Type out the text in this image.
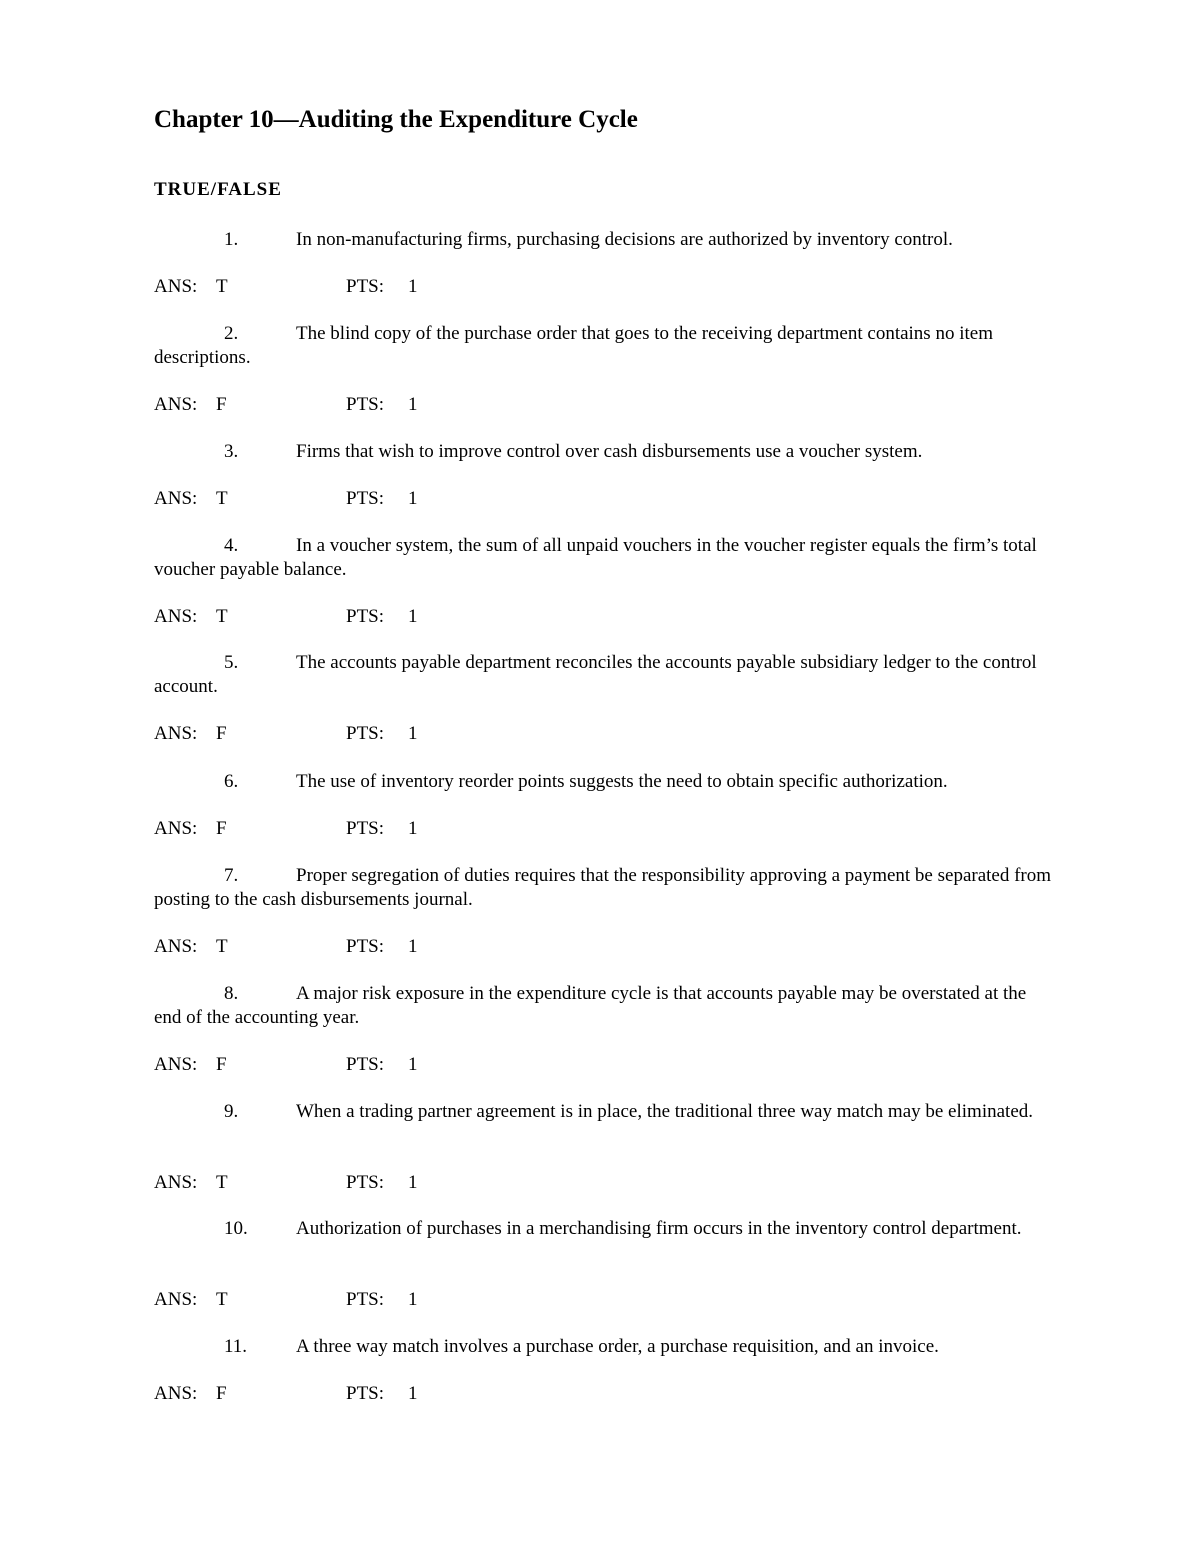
Chapter 10—Auditing the Expenditure Cycle
TRUE/FALSE
1.	In non-manufacturing firms, purchasing decisions are authorized by inventory control.
ANS: T	PTS: 1
2.	The blind copy of the purchase order that goes to the receiving department contains no item descriptions.
ANS: F	PTS: 1
3.	Firms that wish to improve control over cash disbursements use a voucher system.
ANS: T	PTS: 1
4.	In a voucher system, the sum of all unpaid vouchers in the voucher register equals the firm’s total voucher payable balance.
ANS: T	PTS: 1
5.	The accounts payable department reconciles the accounts payable subsidiary ledger to the control account.
ANS: F	PTS: 1
6.	The use of inventory reorder points suggests the need to obtain specific authorization.
ANS: F	PTS: 1
7.	Proper segregation of duties requires that the responsibility approving a payment be separated from posting to the cash disbursements journal.
ANS: T	PTS: 1
8.	A major risk exposure in the expenditure cycle is that accounts payable may be overstated at the end of the accounting year.
ANS: F	PTS: 1
9.	When a trading partner agreement is in place, the traditional three way match may be eliminated.
ANS: T	PTS: 1
10.	Authorization of purchases in a merchandising firm occurs in the inventory control department.
ANS: T	PTS: 1
11.	A three way match involves a purchase order, a purchase requisition, and an invoice.
ANS: F	PTS: 1
